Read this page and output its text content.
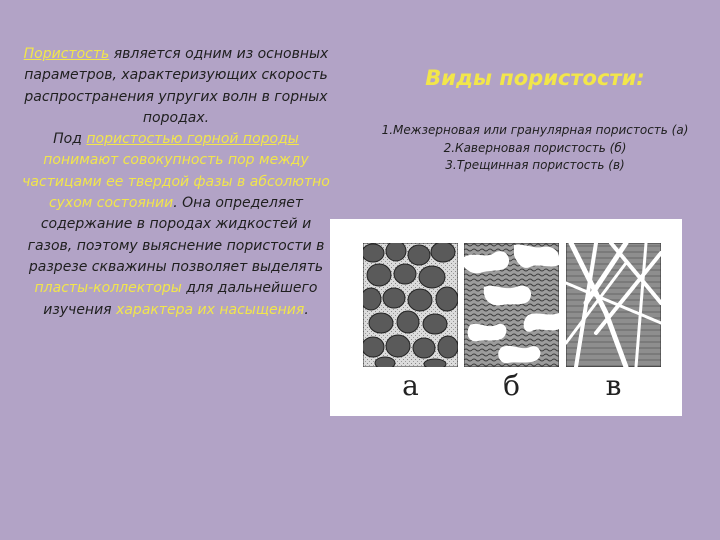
Пористость является одним из основных параметров, характеризующих скорость распространения упругих волн в горных породах.
Под пористостью горной породы понимают совокупность пор между частицами ее твердой фазы в абсолютно сухом состоянии. Она определяет содержание в породах жидкостей и газов, поэтому выяснение пористости в разрезе скважины позволяет выделять пласты-коллекторы для дальнейшего изучения характера их насыщения.
Виды пористости:
1.Межзерновая или гранулярная пористость (а)
2.Каверновая пористость (б)
3.Трещинная пористость (в)
а	б	в
